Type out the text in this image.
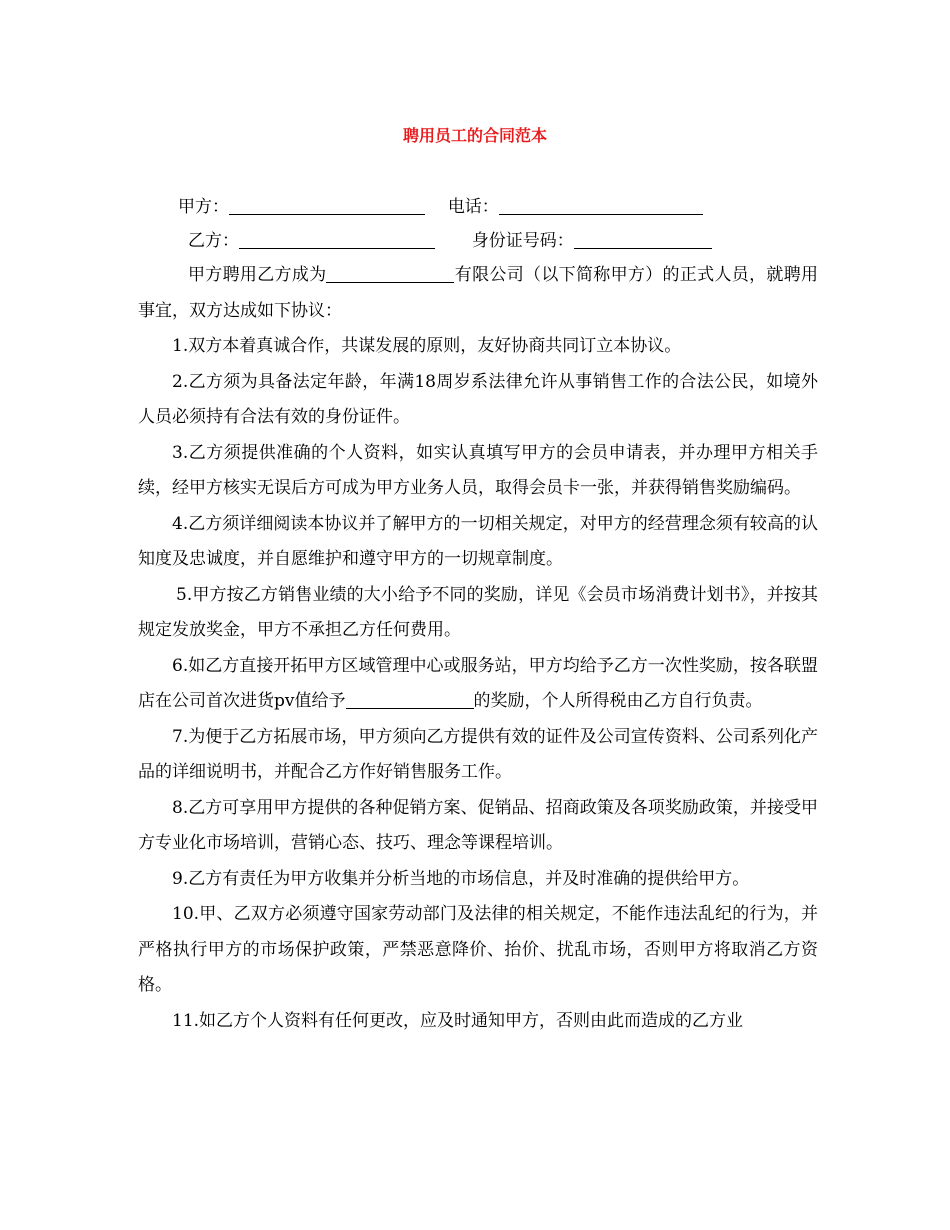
聘用员工的合同范本
甲方：	电话：
乙方：	身份证号码：

甲方聘用乙方成为	有限公司（以下简称甲方）的正式人员，就聘用事宜，双方达成如下协议：

1.双方本着真诚合作，共谋发展的原则，友好协商共同订立本协议。

2.乙方须为具备法定年龄，年满18周岁系法律允许从事销售工作的合法公民，如境外人员必须持有合法有效的身份证件。

3.乙方须提供准确的个人资料，如实认真填写甲方的会员申请表，并办理甲方相关手续，经甲方核实无误后方可成为甲方业务人员，取得会员卡一张，并获得销售奖励编码。

4.乙方须详细阅读本协议并了解甲方的一切相关规定，对甲方的经营理念须有较高的认知度及忠诚度，并自愿维护和遵守甲方的一切规章制度。

5.甲方按乙方销售业绩的大小给予不同的奖励，详见《会员市场消费计划书》，并按其规定发放奖金，甲方不承担乙方任何费用。

6.如乙方直接开拓甲方区域管理中心或服务站，甲方均给予乙方一次性奖励，按各联盟店在公司首次进货pv值给予	的奖励，个人所得税由乙方自行负责。

7.为便于乙方拓展市场，甲方须向乙方提供有效的证件及公司宣传资料、公司系列化产品的详细说明书，并配合乙方作好销售服务工作。

8.乙方可享用甲方提供的各种促销方案、促销品、招商政策及各项奖励政策，并接受甲方专业化市场培训，营销心态、技巧、理念等课程培训。

9.乙方有责任为甲方收集并分析当地的市场信息，并及时准确的提供给甲方。

10.甲、乙双方必须遵守国家劳动部门及法律的相关规定，不能作违法乱纪的行为，并严格执行甲方的市场保护政策，严禁恶意降价、抬价、扰乱市场，否则甲方将取消乙方资格。

11.如乙方个人资料有任何更改，应及时通知甲方，否则由此而造成的乙方业
